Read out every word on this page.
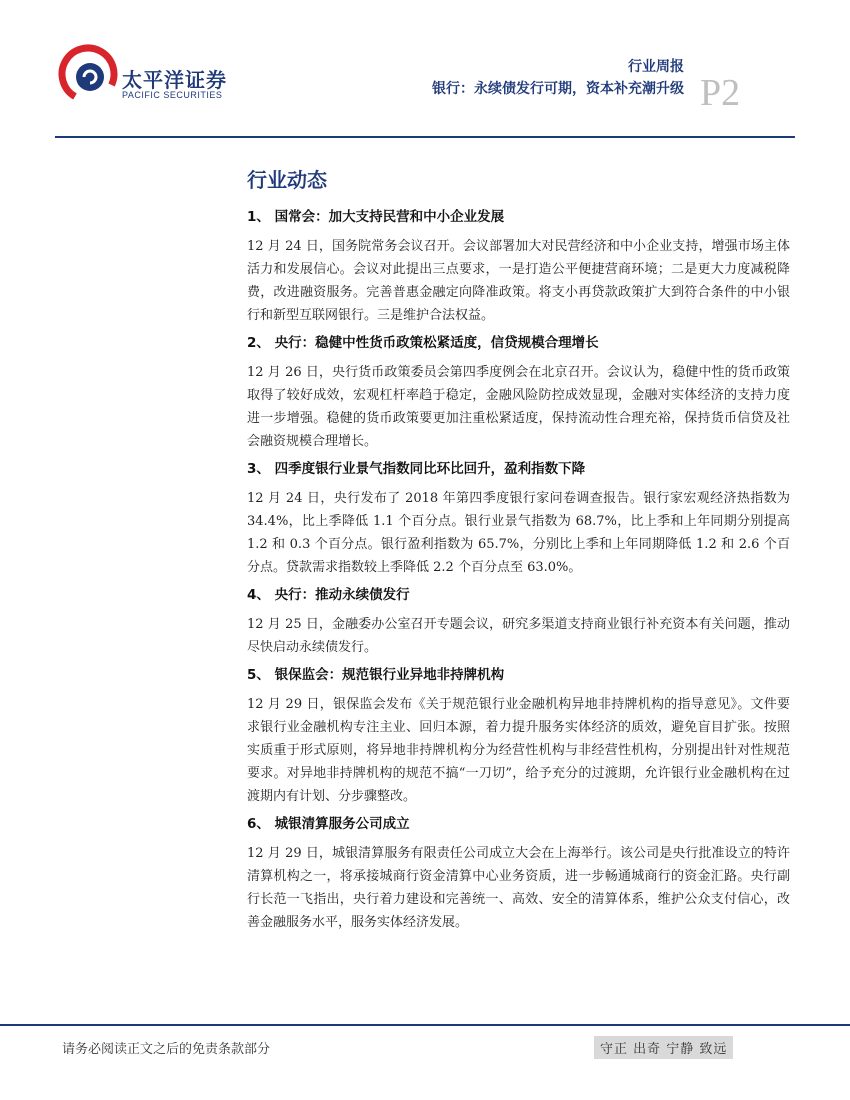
太平洋证券
PACIFIC SECURITIES
行业周报
银行：永续债发行可期，资本补充潮升级 P2
行业动态
1、 国常会：加大支持民营和中小企业发展

12 月 24 日，国务院常务会议召开。会议部署加大对民营经济和中小企业支持，增强市场主体活力和发展信心。会议对此提出三点要求，一是打造公平便捷营商环境；二是更大力度减税降费，改进融资服务。完善普惠金融定向降准政策。将支小再贷款政策扩大到符合条件的中小银行和新型互联网银行。三是维护合法权益。

2、 央行：稳健中性货币政策松紧适度，信贷规模合理增长

12 月 26 日，央行货币政策委员会第四季度例会在北京召开。会议认为，稳健中性的货币政策取得了较好成效，宏观杠杆率趋于稳定，金融风险防控成效显现，金融对实体经济的支持力度进一步增强。稳健的货币政策要更加注重松紧适度，保持流动性合理充裕，保持货币信贷及社会融资规模合理增长。

3、 四季度银行业景气指数同比环比回升，盈利指数下降

12 月 24 日，央行发布了 2018 年第四季度银行家问卷调查报告。银行家宏观经济热指数为 34.4%，比上季降低 1.1 个百分点。银行业景气指数为 68.7%，比上季和上年同期分别提高 1.2 和 0.3 个百分点。银行盈利指数为 65.7%，分别比上季和上年同期降低 1.2 和 2.6 个百分点。贷款需求指数较上季降低 2.2 个百分点至 63.0%。

4、 央行：推动永续债发行

12 月 25 日，金融委办公室召开专题会议，研究多渠道支持商业银行补充资本有关问题，推动尽快启动永续债发行。

5、 银保监会：规范银行业异地非持牌机构

12 月 29 日，银保监会发布《关于规范银行业金融机构异地非持牌机构的指导意见》。文件要求银行业金融机构专注主业、回归本源，着力提升服务实体经济的质效，避免盲目扩张。按照实质重于形式原则，将异地非持牌机构分为经营性机构与非经营性机构，分别提出针对性规范要求。对异地非持牌机构的规范不搞“一刀切”，给予充分的过渡期，允许银行业金融机构在过渡期内有计划、分步骤整改。

6、 城银清算服务公司成立

12 月 29 日，城银清算服务有限责任公司成立大会在上海举行。该公司是央行批准设立的特许清算机构之一，将承接城商行资金清算中心业务资质，进一步畅通城商行的资金汇路。央行副行长范一飞指出，央行着力建设和完善统一、高效、安全的清算体系，维护公众支付信心，改善金融服务水平，服务实体经济发展。

请务必阅读正文之后的免责条款部分	守正 出奇 宁静 致远
